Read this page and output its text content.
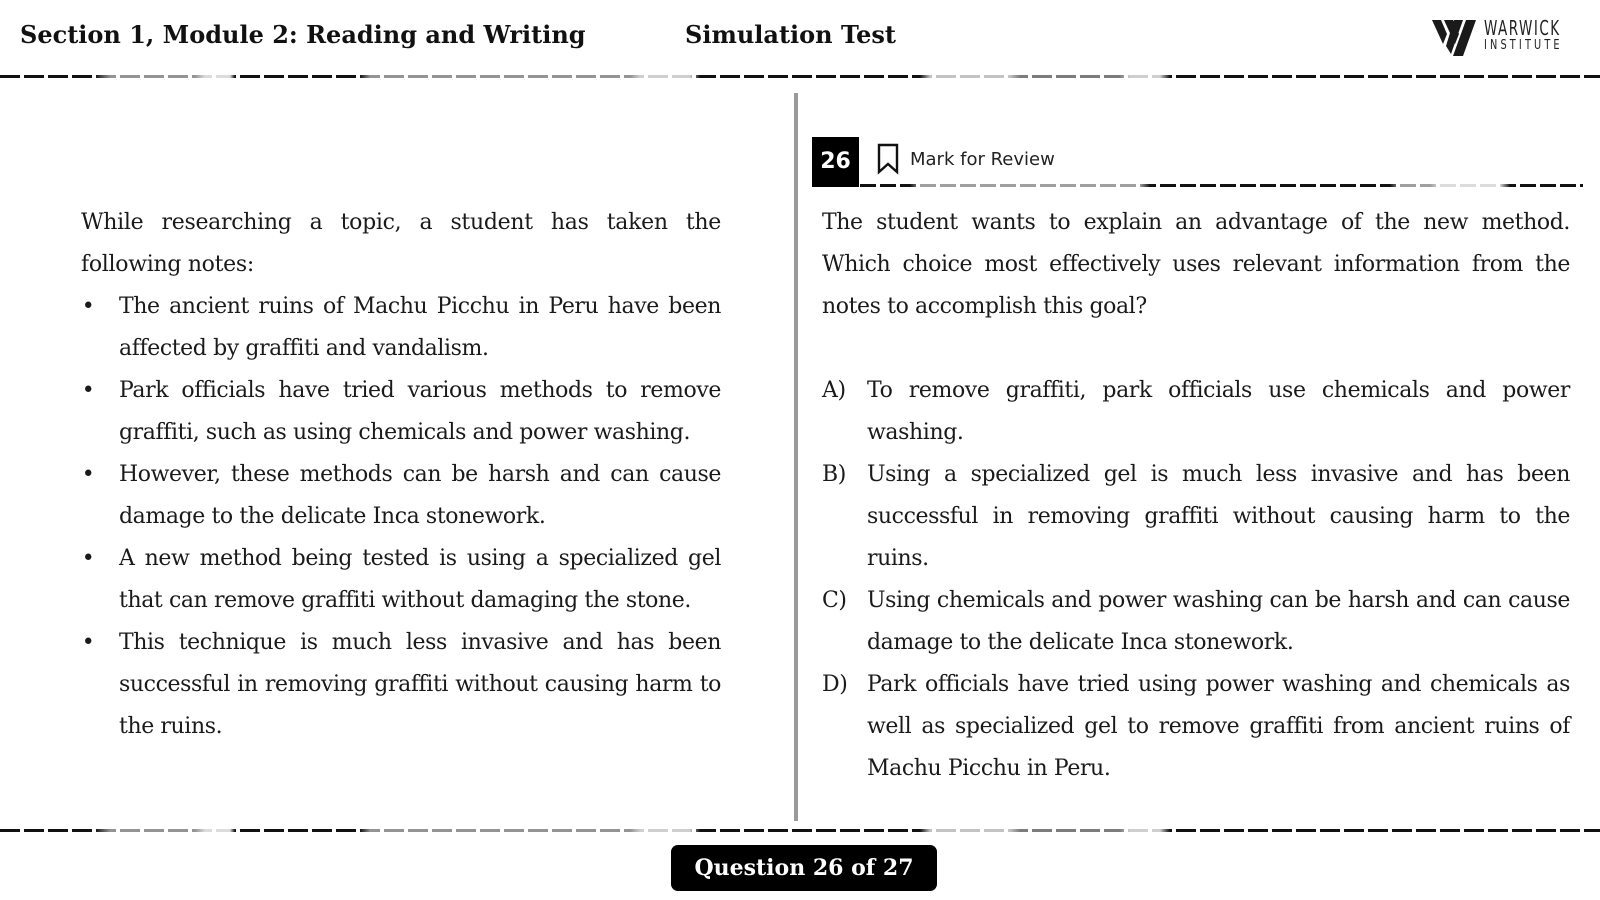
Section 1, Module 2: Reading and Writing	Simulation Test	WARWICK
INSTITUTE

While researching a topic, a student has taken the following notes:

• The ancient ruins of Machu Picchu in Peru have been affected by graffiti and vandalism.
• Park officials have tried various methods to remove graffiti, such as using chemicals and power washing.
• However, these methods can be harsh and can cause damage to the delicate Inca stonework.
• A new method being tested is using a specialized gel that can remove graffiti without damaging the stone.
• This technique is much less invasive and has been successful in removing graffiti without causing harm to the ruins.
26	Mark for Review

The student wants to explain an advantage of the new method. Which choice most effectively uses relevant information from the notes to accomplish this goal?

A) To remove graffiti, park officials use chemicals and power washing.
B) Using a specialized gel is much less invasive and has been successful in removing graffiti without causing harm to the ruins.
C) Using chemicals and power washing can be harsh and can cause damage to the delicate Inca stonework.
D) Park officials have tried using power washing and chemicals as well as specialized gel to remove graffiti from ancient ruins of Machu Picchu in Peru.
Question 26 of 27
